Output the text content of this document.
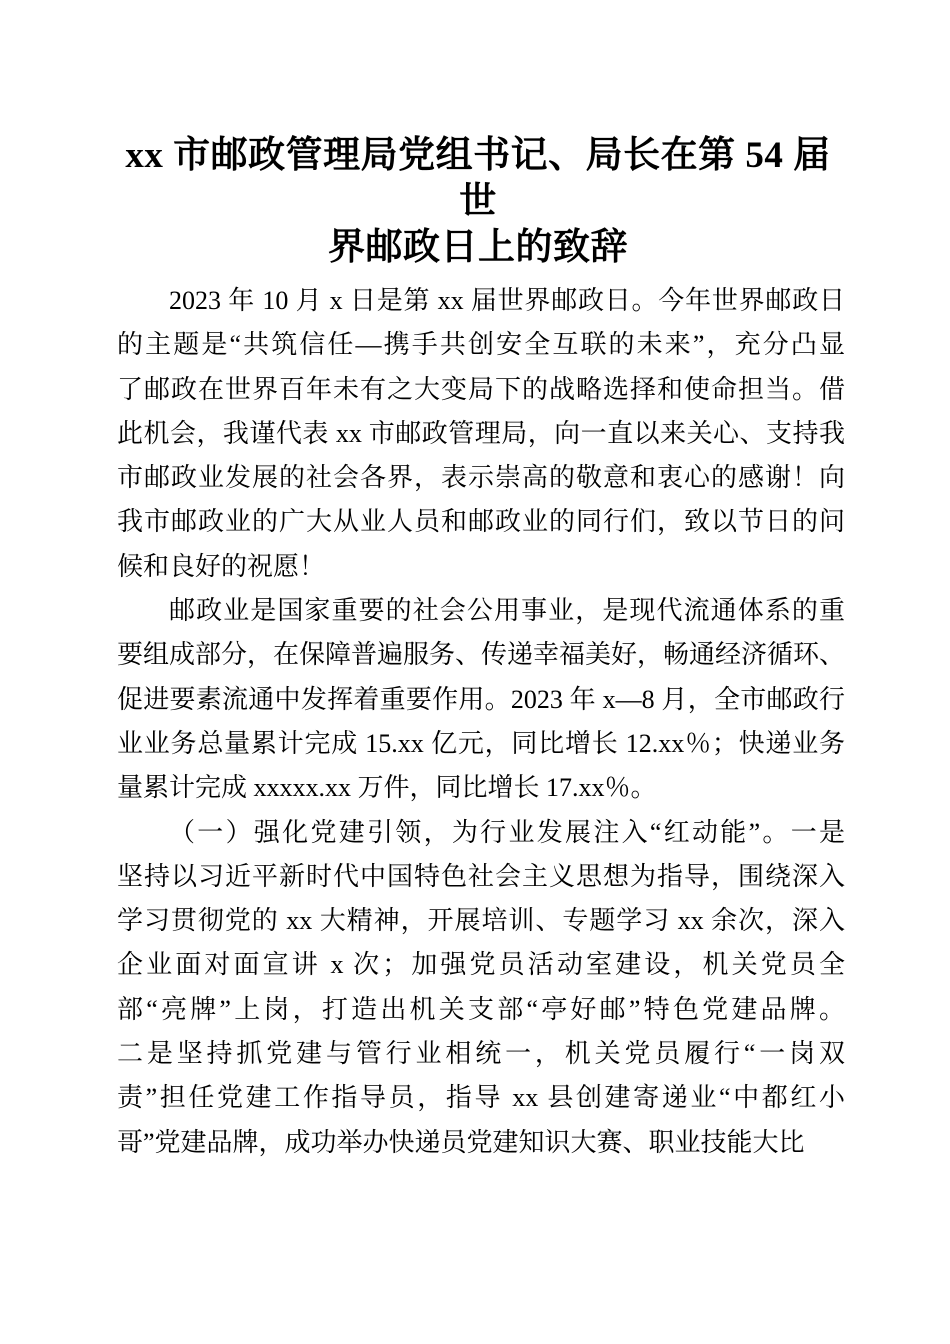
xx 市邮政管理局党组书记、局长在第 54 届世
界邮政日上的致辞
2023 年 10 月 x 日是第 xx 届世界邮政日。今年世界邮政日
的主题是“共筑信任—携手共创安全互联的未来”，充分凸显
了邮政在世界百年未有之大变局下的战略选择和使命担当。借
此机会，我谨代表 xx 市邮政管理局，向一直以来关心、支持我
市邮政业发展的社会各界，表示崇高的敬意和衷心的感谢！向
我市邮政业的广大从业人员和邮政业的同行们，致以节日的问
候和良好的祝愿！
邮政业是国家重要的社会公用事业，是现代流通体系的重
要组成部分，在保障普遍服务、传递幸福美好，畅通经济循环、
促进要素流通中发挥着重要作用。2023 年 x—8 月，全市邮政行
业业务总量累计完成 15.xx 亿元，同比增长 12.xx％；快递业务
量累计完成 xxxxx.xx 万件，同比增长 17.xx％。
（一）强化党建引领，为行业发展注入“红动能”。一是
坚持以习近平新时代中国特色社会主义思想为指导，围绕深入
学习贯彻党的 xx 大精神，开展培训、专题学习 xx 余次，深入
企业面对面宣讲 x 次；加强党员活动室建设，机关党员全
部“亮牌”上岗，打造出机关支部“亭好邮”特色党建品牌。
二是坚持抓党建与管行业相统一，机关党员履行“一岗双
责”担任党建工作指导员，指导 xx 县创建寄递业“中都红小
哥”党建品牌，成功举办快递员党建知识大赛、职业技能大比
